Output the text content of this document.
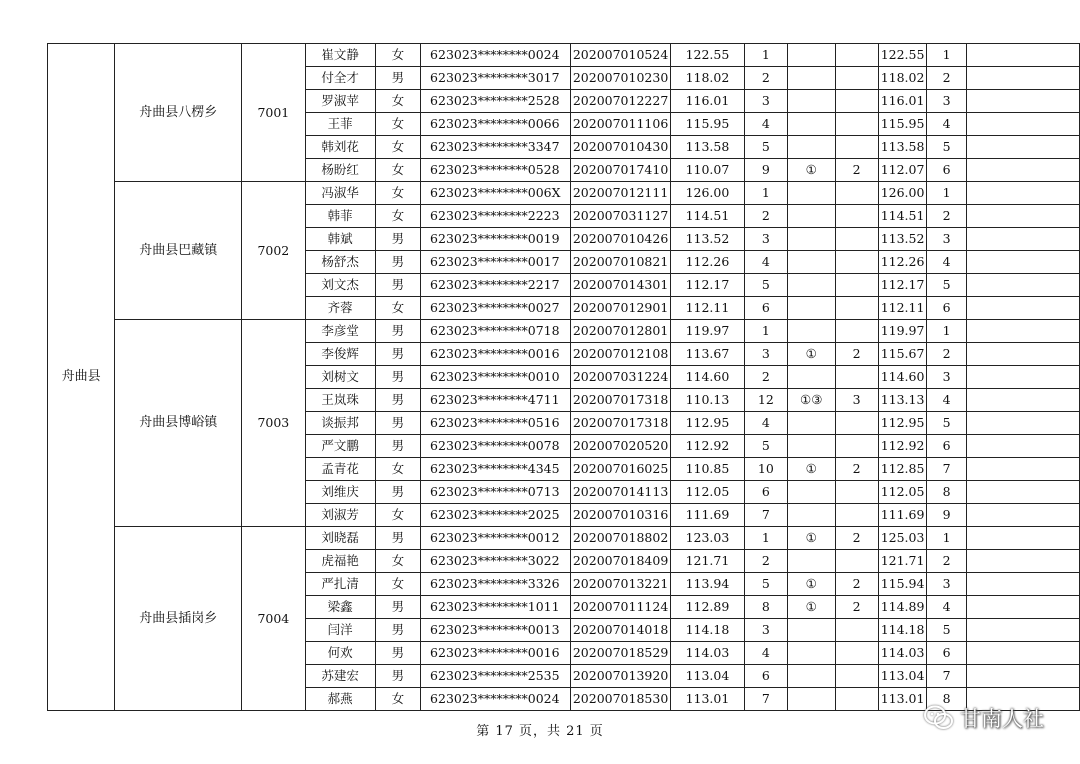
舟曲县	舟曲县八楞乡	7001	崔文静	女	623023********0024	202007010524	122.55	1			122.55	1	
			付全才	男	623023********3017	202007010230	118.02	2			118.02	2	
			罗淑苹	女	623023********2528	202007012227	116.01	3			116.01	3	
			王菲	女	623023********0066	202007011106	115.95	4			115.95	4	
			韩刘花	女	623023********3347	202007010430	113.58	5			113.58	5	
			杨盼红	女	623023********0528	202007017410	110.07	9	①	2	112.07	6	
	舟曲县巴藏镇	7002	冯淑华	女	623023********006X	202007012111	126.00	1			126.00	1	
			韩菲	女	623023********2223	202007031127	114.51	2			114.51	2	
			韩斌	男	623023********0019	202007010426	113.52	3			113.52	3	
			杨舒杰	男	623023********0017	202007010821	112.26	4			112.26	4	
			刘文杰	男	623023********2217	202007014301	112.17	5			112.17	5	
			齐蓉	女	623023********0027	202007012901	112.11	6			112.11	6	
	舟曲县博峪镇	7003	李彦堂	男	623023********0718	202007012801	119.97	1			119.97	1	
			李俊辉	男	623023********0016	202007012108	113.67	3	①	2	115.67	2	
			刘树文	男	623023********0010	202007031224	114.60	2			114.60	3	
			王岚珠	男	623023********4711	202007017318	110.13	12	①③	3	113.13	4	
			谈振邦	男	623023********0516	202007017318	112.95	4			112.95	5	
			严文鹏	男	623023********0078	202007020520	112.92	5			112.92	6	
			孟青花	女	623023********4345	202007016025	110.85	10	①	2	112.85	7	
			刘维庆	男	623023********0713	202007014113	112.05	6			112.05	8	
			刘淑芳	女	623023********2025	202007010316	111.69	7			111.69	9	
	舟曲县插岗乡	7004	刘晓磊	男	623023********0012	202007018802	123.03	1	①	2	125.03	1	
			虎福艳	女	623023********3022	202007018409	121.71	2			121.71	2	
			严扎清	女	623023********3326	202007013221	113.94	5	①	2	115.94	3	
			梁鑫	男	623023********1011	202007011124	112.89	8	①	2	114.89	4	
			闫洋	男	623023********0013	202007014018	114.18	3			114.18	5	
			何欢	男	623023********0016	202007018529	114.03	4			114.03	6	
			苏建宏	男	623023********2535	202007013920	113.04	6			113.04	7	
			郝燕	女	623023********0024	202007018530	113.01	7			113.01	8	
第 17 页，共 21 页
甘南人社
